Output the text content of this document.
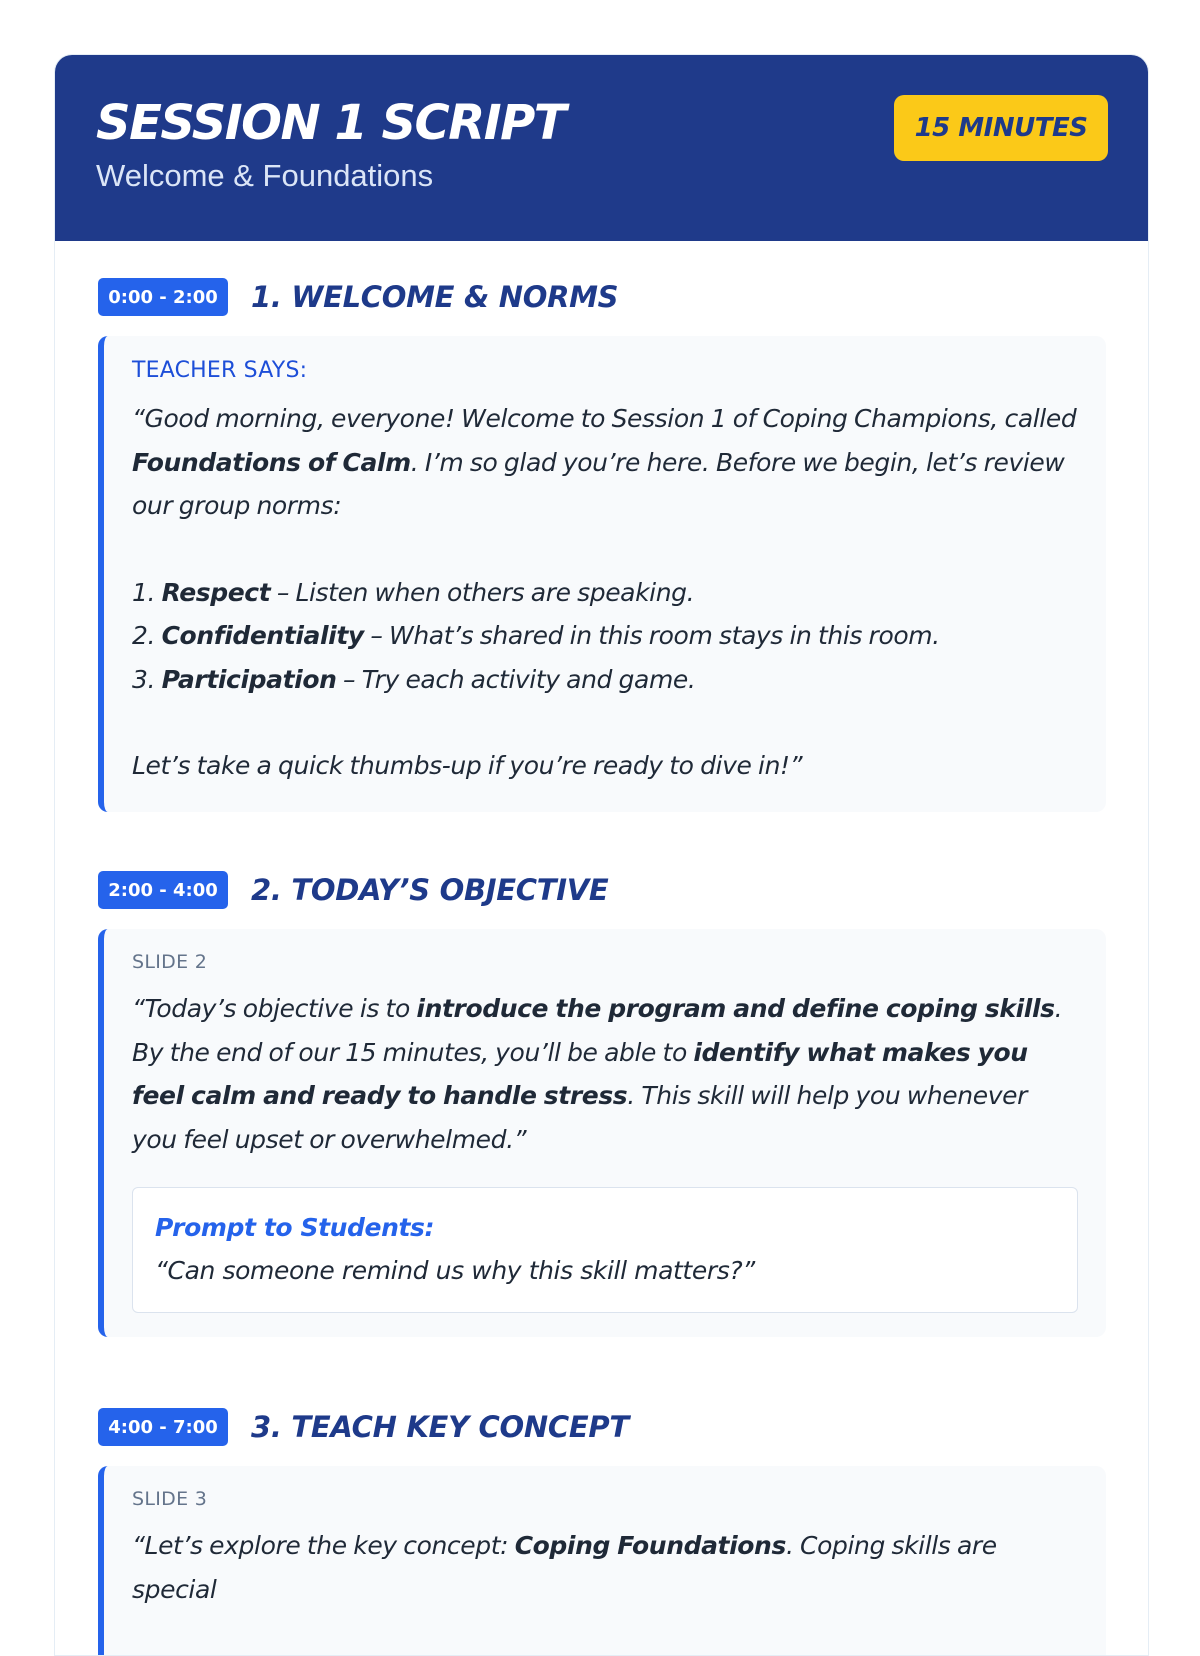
SESSION 1 SCRIPT
Welcome & Foundations
15 MINUTES
0:00 - 2:00	1. WELCOME & NORMS
TEACHER SAYS:
“Good morning, everyone! Welcome to Session 1 of Coping Champions, called Foundations of Calm. I’m so glad you’re here. Before we begin, let’s review our group norms:
1. Respect – Listen when others are speaking.
2. Confidentiality – What’s shared in this room stays in this room.
3. Participation – Try each activity and game.
Let’s take a quick thumbs-up if you’re ready to dive in!”
2:00 - 4:00	2. TODAY’S OBJECTIVE
SLIDE 2
“Today’s objective is to introduce the program and define coping skills. By the end of our 15 minutes, you’ll be able to identify what makes you feel calm and ready to handle stress. This skill will help you whenever you feel upset or overwhelmed.”
Prompt to Students:
“Can someone remind us why this skill matters?”
4:00 - 7:00	3. TEACH KEY CONCEPT
SLIDE 3
“Let’s explore the key concept: Coping Foundations. Coping skills are special
